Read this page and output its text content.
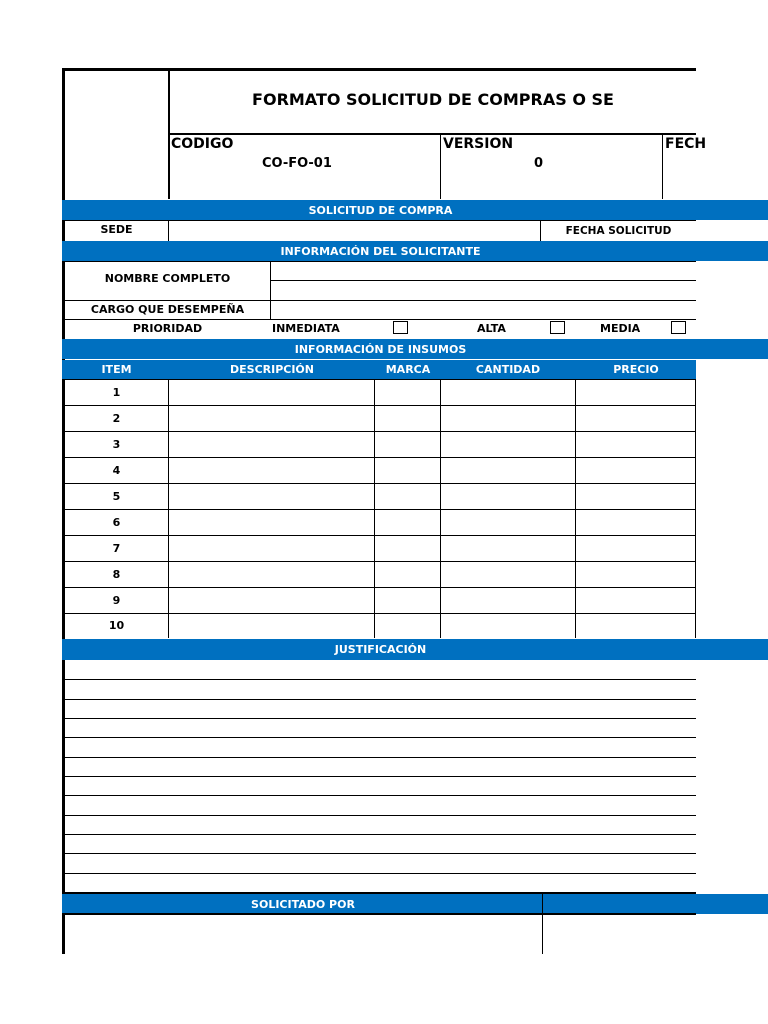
FORMATO SOLICITUD DE COMPRAS O SE
CODIGO
CO-FO-01
VERSION
0
FECH
SOLICITUD DE COMPRA
SEDE	FECHA SOLICITUD
INFORMACIÓN DEL SOLICITANTE
NOMBRE COMPLETO
CARGO QUE DESEMPEÑA
PRIORIDAD	INMEDIATA	ALTA	MEDIA
INFORMACIÓN DE INSUMOS
ITEM	DESCRIPCIÓN	MARCA	CANTIDAD	PRECIO
1
2
3
4
5
6
7
8
9
10
JUSTIFICACIÓN
SOLICITADO POR
